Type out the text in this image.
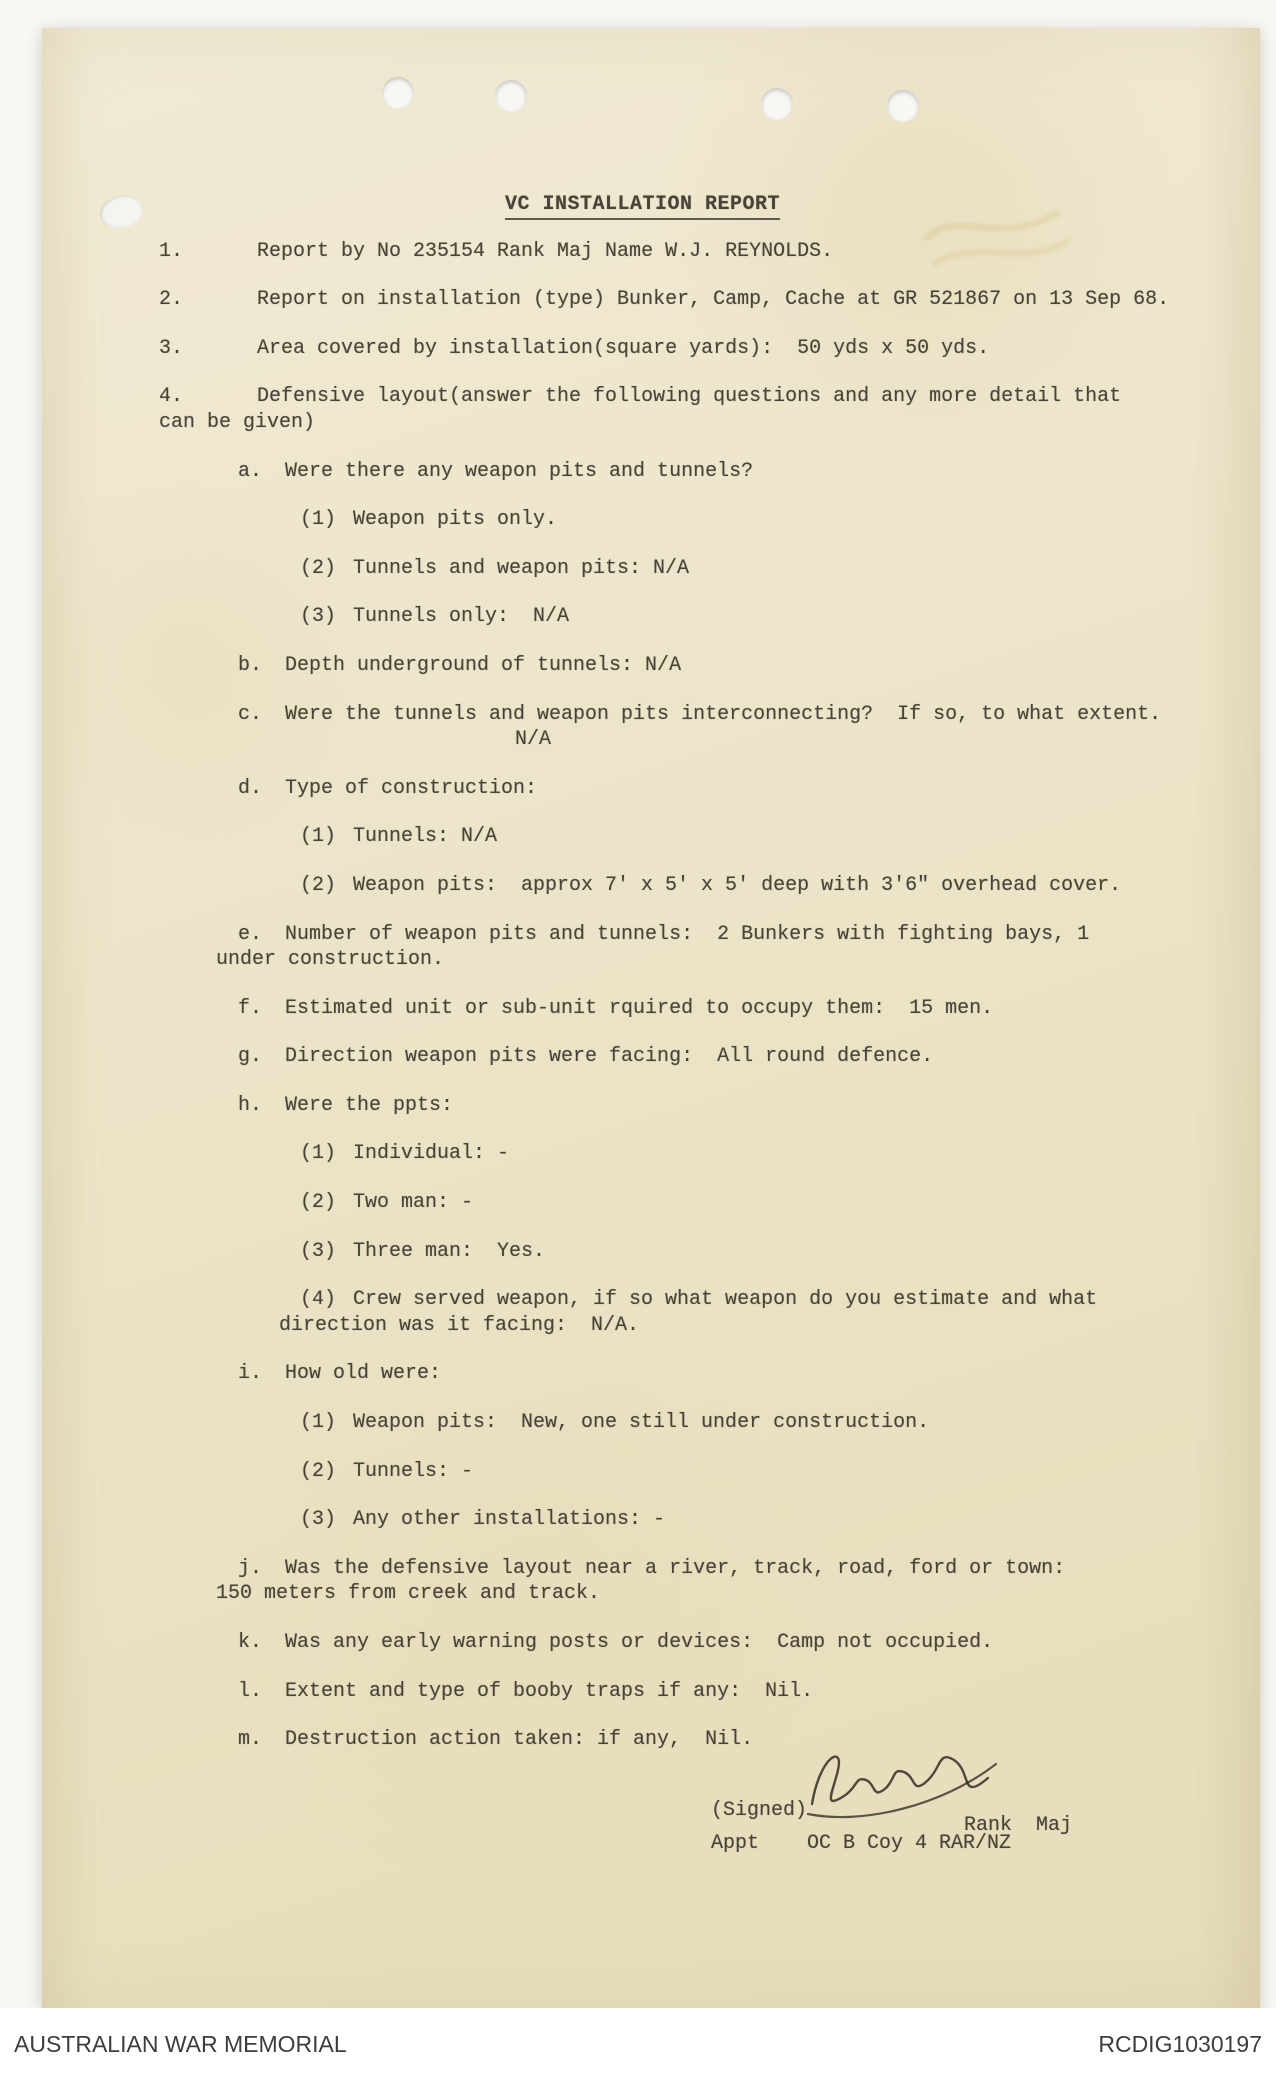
VC INSTALLATION REPORT
1.	Report by No 235154 Rank Maj Name W.J. REYNOLDS.
2.	Report on installation (type) Bunker, Camp, Cache at GR 521867 on 13 Sep 68.
3.	Area covered by installation(square yards):  50 yds x 50 yds.
4.	Defensive layout(answer the following questions and any more detail that
can be given)
a. Were there any weapon pits and tunnels?
(1) Weapon pits only.
(2) Tunnels and weapon pits: N/A
(3) Tunnels only:  N/A
b. Depth underground of tunnels: N/A
c. Were the tunnels and weapon pits interconnecting?  If so, to what extent.
N/A
d. Type of construction:
(1) Tunnels: N/A
(2) Weapon pits:  approx 7' x 5' x 5' deep with 3'6" overhead cover.
e. Number of weapon pits and tunnels:  2 Bunkers with fighting bays, 1
under construction.
f. Estimated unit or sub-unit rquired to occupy them:  15 men.
g. Direction weapon pits were facing:  All round defence.
h. Were the ppts:
(1) Individual: -
(2) Two man: -
(3) Three man:  Yes.
(4) Crew served weapon, if so what weapon do you estimate and what
direction was it facing:  N/A.
i. How old were:
(1) Weapon pits:  New, one still under construction.
(2) Tunnels: -
(3) Any other installations: -
j. Was the defensive layout near a river, track, road, ford or town:
150 meters from creek and track.
k. Was any early warning posts or devices:  Camp not occupied.
l. Extent and type of booby traps if any:  Nil.
m. Destruction action taken: if any,  Nil.
(Signed)
Rank  Maj
Appt    OC B Coy 4 RAR/NZ
AUSTRALIAN WAR MEMORIAL	RCDIG1030197
